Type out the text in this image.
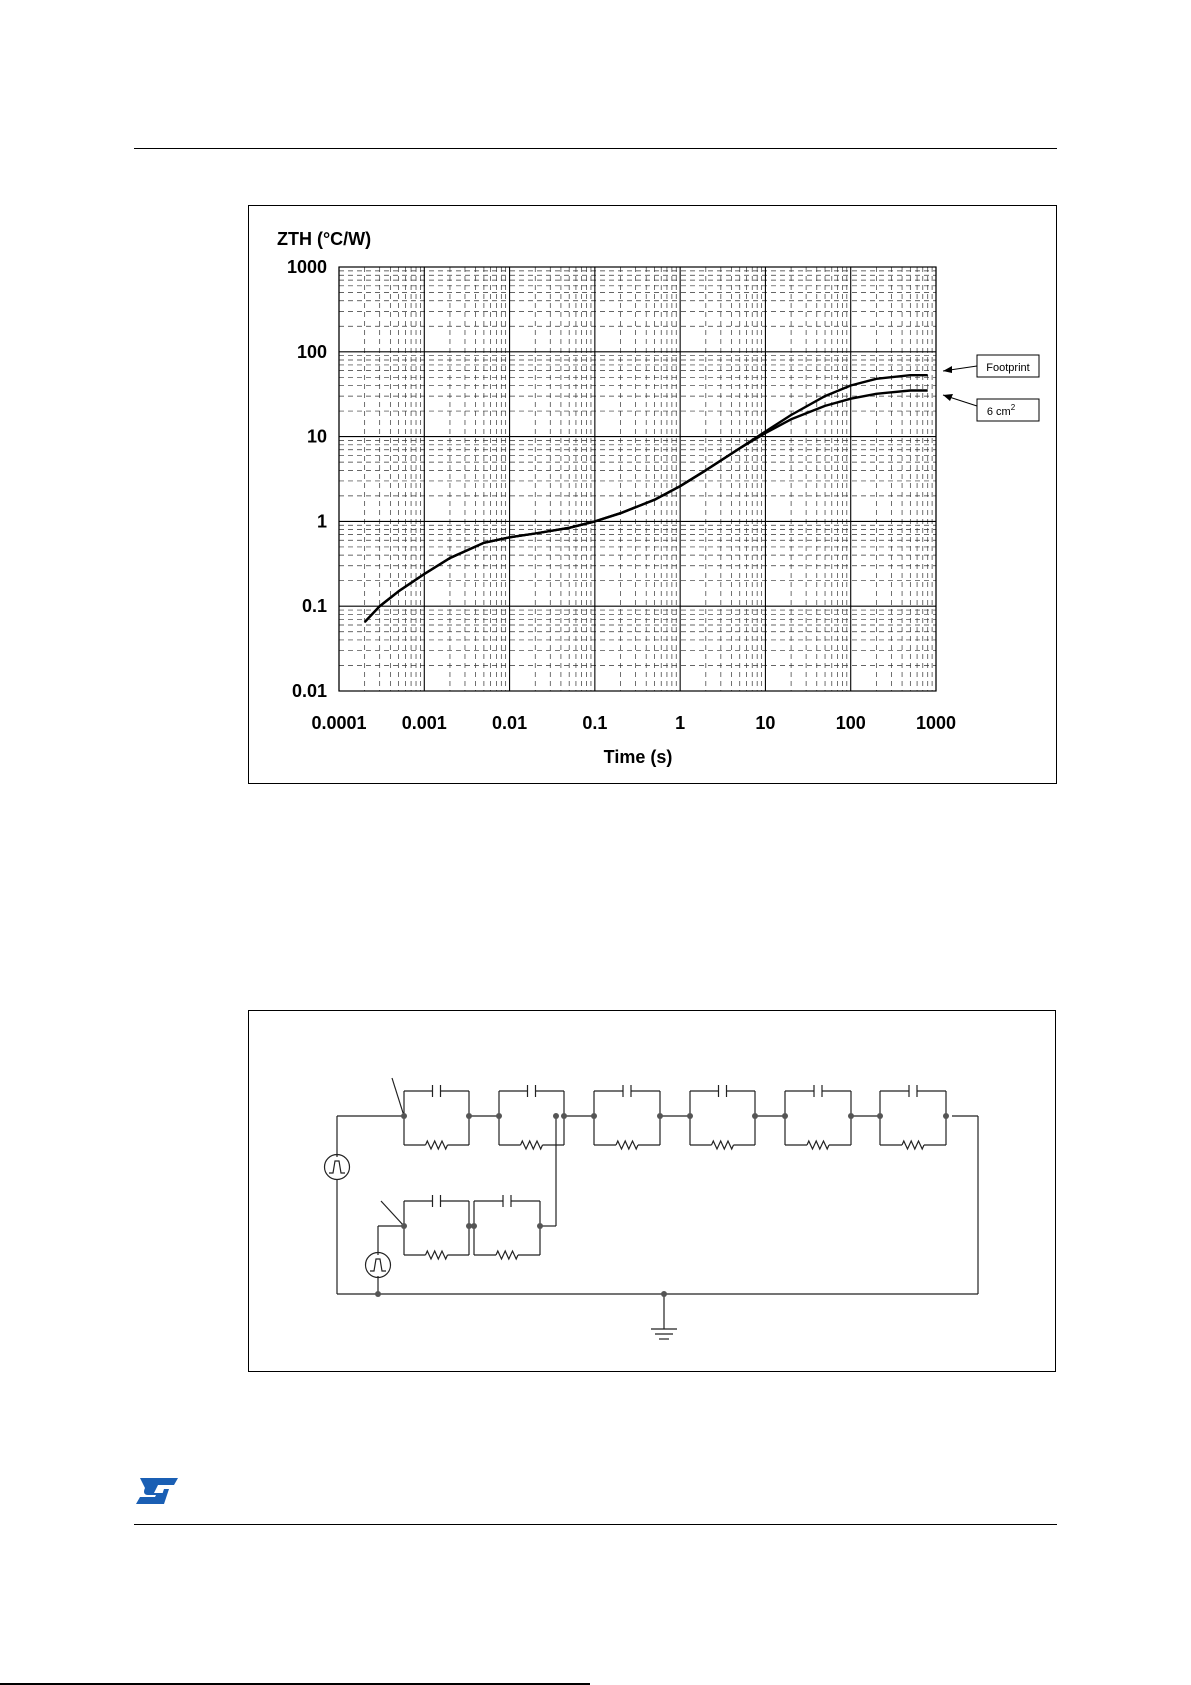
0.01
0.1
1
10
100
1000
0.0001 0.001	0.01	0.1	1	10	100	1000
ZTH (°C/W)
Time (s)
Footprint
6 $cm^2$
